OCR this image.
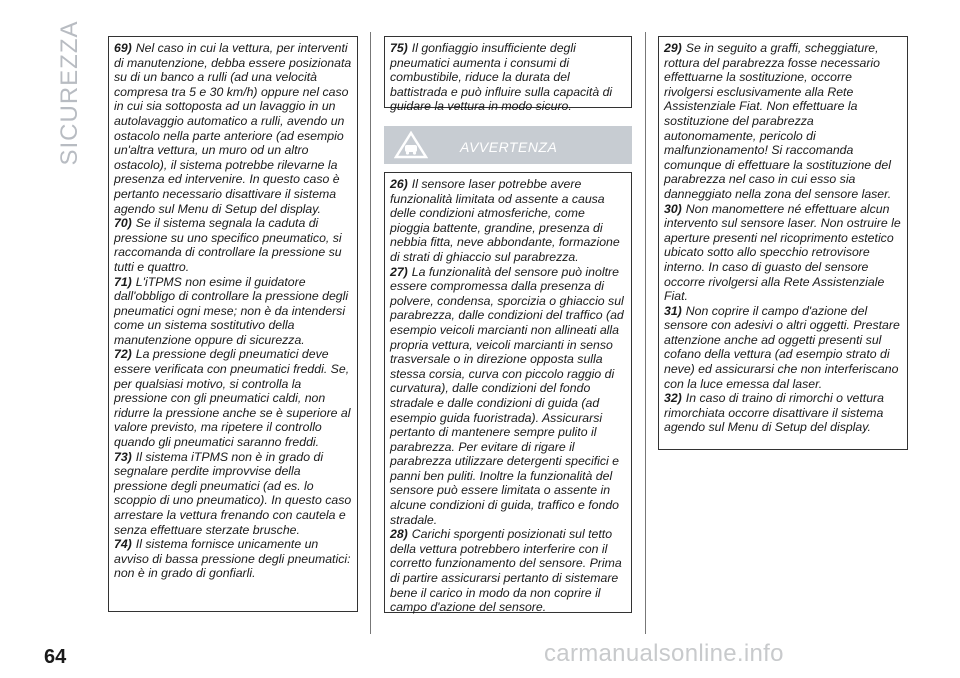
SICUREZZA	69) Nel caso in cui la vettura, per interventi di manutenzione, debba essere posizionata su di un banco a rulli (ad una velocità compresa tra 5 e 30 km/h) oppure nel caso in cui sia sottoposta ad un lavaggio in un autolavaggio automatico a rulli, avendo un ostacolo nella parte anteriore (ad esempio un'altra vettura, un muro od un altro ostacolo), il sistema potrebbe rilevarne la presenza ed intervenire. In questo caso è pertanto necessario disattivare il sistema agendo sul Menu di Setup del display.

70) Se il sistema segnala la caduta di pressione su uno specifico pneumatico, si raccomanda di controllare la pressione su tutti e quattro.

71) L'iTPMS non esime il guidatore dall'obbligo di controllare la pressione degli pneumatici ogni mese; non è da intendersi come un sistema sostitutivo della manutenzione oppure di sicurezza.

72) La pressione degli pneumatici deve essere verificata con pneumatici freddi. Se, per qualsiasi motivo, si controlla la pressione con gli pneumatici caldi, non ridurre la pressione anche se è superiore al valore previsto, ma ripetere il controllo quando gli pneumatici saranno freddi.

73) Il sistema iTPMS non è in grado di segnalare perdite improvvise della pressione degli pneumatici (ad es. lo scoppio di uno pneumatico). In questo caso arrestare la vettura frenando con cautela e senza effettuare sterzate brusche.

74) Il sistema fornisce unicamente un avviso di bassa pressione degli pneumatici: non è in grado di gonfiarli.

75) Il gonfiaggio insufficiente degli pneumatici aumenta i consumi di combustibile, riduce la durata del battistrada e può influire sulla capacità di guidare la vettura in modo sicuro.

AVVERTENZA

26) Il sensore laser potrebbe avere funzionalità limitata od assente a causa delle condizioni atmosferiche, come pioggia battente, grandine, presenza di nebbia fitta, neve abbondante, formazione di strati di ghiaccio sul parabrezza.

27) La funzionalità del sensore può inoltre essere compromessa dalla presenza di polvere, condensa, sporcizia o ghiaccio sul parabrezza, dalle condizioni del traffico (ad esempio veicoli marcianti non allineati alla propria vettura, veicoli marcianti in senso trasversale o in direzione opposta sulla stessa corsia, curva con piccolo raggio di curvatura), dalle condizioni del fondo stradale e dalle condizioni di guida (ad esempio guida fuoristrada). Assicurarsi pertanto di mantenere sempre pulito il parabrezza. Per evitare di rigare il parabrezza utilizzare detergenti specifici e panni ben puliti. Inoltre la funzionalità del sensore può essere limitata o assente in alcune condizioni di guida, traffico e fondo stradale.

28) Carichi sporgenti posizionati sul tetto della vettura potrebbero interferire con il corretto funzionamento del sensore. Prima di partire assicurarsi pertanto di sistemare bene il carico in modo da non coprire il campo d'azione del sensore.

29) Se in seguito a graffi, scheggiature, rottura del parabrezza fosse necessario effettuarne la sostituzione, occorre rivolgersi esclusivamente alla Rete Assistenziale Fiat. Non effettuare la sostituzione del parabrezza autonomamente, pericolo di malfunzionamento! Si raccomanda comunque di effettuare la sostituzione del parabrezza nel caso in cui esso sia danneggiato nella zona del sensore laser.

30) Non manomettere né effettuare alcun intervento sul sensore laser. Non ostruire le aperture presenti nel ricoprimento estetico ubicato sotto allo specchio retrovisore interno. In caso di guasto del sensore occorre rivolgersi alla Rete Assistenziale Fiat.

31) Non coprire il campo d'azione del sensore con adesivi o altri oggetti. Prestare attenzione anche ad oggetti presenti sul cofano della vettura (ad esempio strato di neve) ed assicurarsi che non interferiscano con la luce emessa dal laser.

32) In caso di traino di rimorchi o vettura rimorchiata occorre disattivare il sistema agendo sul Menu di Setup del display.

64	carmanualsonline.info
